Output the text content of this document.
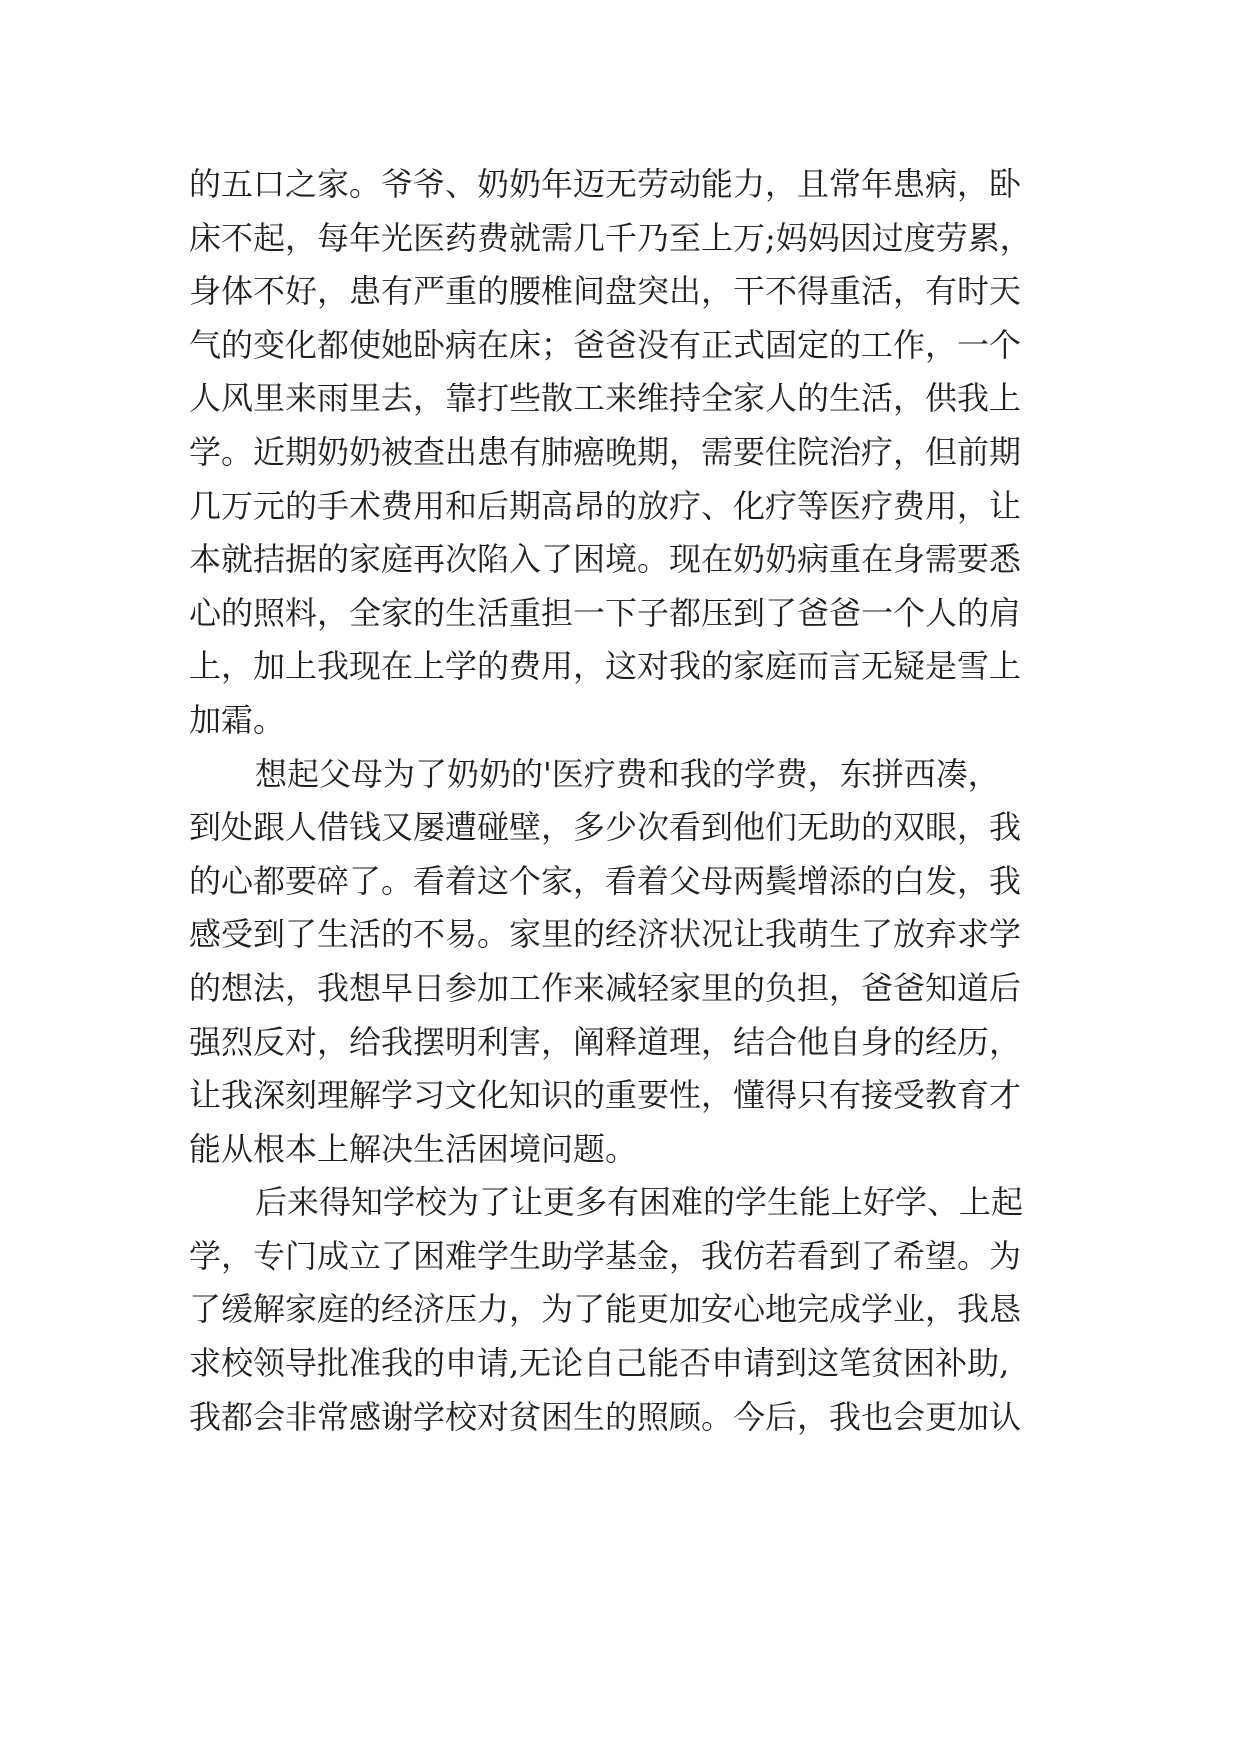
的五口之家。爷爷、奶奶年迈无劳动能力，且常年患病，卧
床不起，每年光医药费就需几千乃至上万;妈妈因过度劳累，
身体不好，患有严重的腰椎间盘突出，干不得重活，有时天
气的变化都使她卧病在床；爸爸没有正式固定的工作，一个
人风里来雨里去，靠打些散工来维持全家人的生活，供我上
学。近期奶奶被查出患有肺癌晚期，需要住院治疗，但前期
几万元的手术费用和后期高昂的放疗、化疗等医疗费用，让
本就拮据的家庭再次陷入了困境。现在奶奶病重在身需要悉
心的照料，全家的生活重担一下子都压到了爸爸一个人的肩
上，加上我现在上学的费用，这对我的家庭而言无疑是雪上
加霜。
想起父母为了奶奶的'医疗费和我的学费，东拼西凑，
到处跟人借钱又屡遭碰壁，多少次看到他们无助的双眼，我
的心都要碎了。看着这个家，看着父母两鬓增添的白发，我
感受到了生活的不易。家里的经济状况让我萌生了放弃求学
的想法，我想早日参加工作来减轻家里的负担，爸爸知道后
强烈反对，给我摆明利害，阐释道理，结合他自身的经历，
让我深刻理解学习文化知识的重要性，懂得只有接受教育才
能从根本上解决生活困境问题。
后来得知学校为了让更多有困难的学生能上好学、上起
学，专门成立了困难学生助学基金，我仿若看到了希望。为
了缓解家庭的经济压力，为了能更加安心地完成学业，我恳
求校领导批准我的申请,无论自己能否申请到这笔贫困补助,
我都会非常感谢学校对贫困生的照顾。今后，我也会更加认
